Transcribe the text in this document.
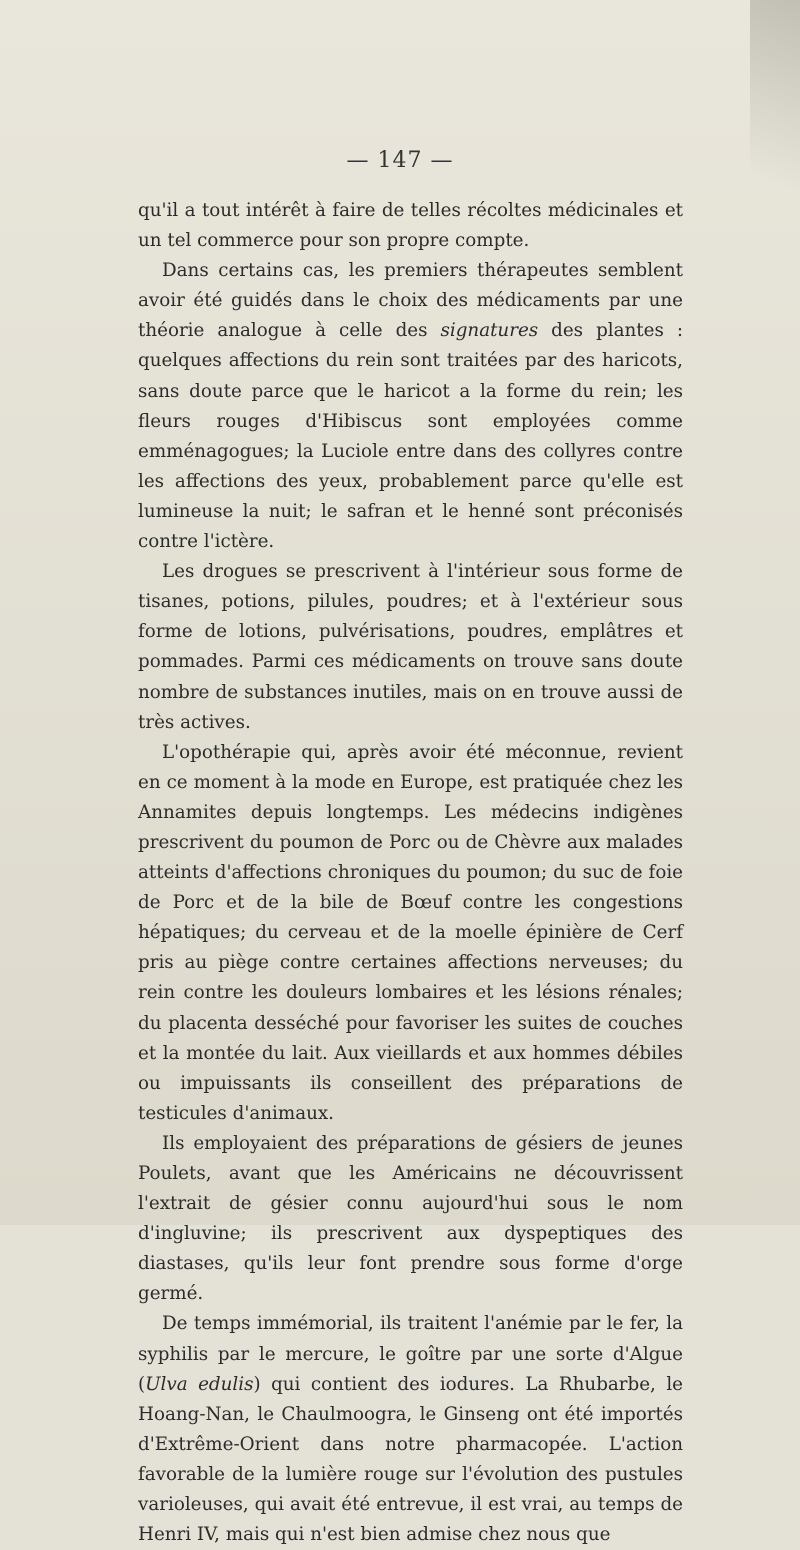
— 147 —

qu'il a tout intérêt à faire de telles récoltes médicinales et un tel commerce pour son propre compte.

Dans certains cas, les premiers thérapeutes semblent avoir été guidés dans le choix des médicaments par une théorie analogue à celle des signatures des plantes : quelques affections du rein sont traitées par des haricots, sans doute parce que le haricot a la forme du rein; les fleurs rouges d'Hibiscus sont employées comme emménagogues; la Luciole entre dans des collyres contre les affections des yeux, probablement parce qu'elle est lumineuse la nuit; le safran et le henné sont préconisés contre l'ictère.

Les drogues se prescrivent à l'intérieur sous forme de tisanes, potions, pilules, poudres; et à l'extérieur sous forme de lotions, pulvérisations, poudres, emplâtres et pommades. Parmi ces médicaments on trouve sans doute nombre de substances inutiles, mais on en trouve aussi de très actives.

L'opothérapie qui, après avoir été méconnue, revient en ce moment à la mode en Europe, est pratiquée chez les Annamites depuis longtemps. Les médecins indigènes prescrivent du poumon de Porc ou de Chèvre aux malades atteints d'affections chroniques du poumon; du suc de foie de Porc et de la bile de Bœuf contre les congestions hépatiques; du cerveau et de la moelle épinière de Cerf pris au piège contre certaines affections nerveuses; du rein contre les douleurs lombaires et les lésions rénales; du placenta desséché pour favoriser les suites de couches et la montée du lait. Aux vieillards et aux hommes débiles ou impuissants ils conseillent des préparations de testicules d'animaux.

Ils employaient des préparations de gésiers de jeunes Poulets, avant que les Américains ne découvrissent l'extrait de gésier connu aujourd'hui sous le nom d'ingluvine; ils prescrivent aux dyspeptiques des diastases, qu'ils leur font prendre sous forme d'orge germé.

De temps immémorial, ils traitent l'anémie par le fer, la syphilis par le mercure, le goître par une sorte d'Algue (Ulva edulis) qui contient des iodures. La Rhubarbe, le Hoang-Nan, le Chaulmoogra, le Ginseng ont été importés d'Extrême-Orient dans notre pharmacopée. L'action favorable de la lumière rouge sur l'évolution des pustules varioleuses, qui avait été entrevue, il est vrai, au temps de Henri IV, mais qui n'est bien admise chez nous que
